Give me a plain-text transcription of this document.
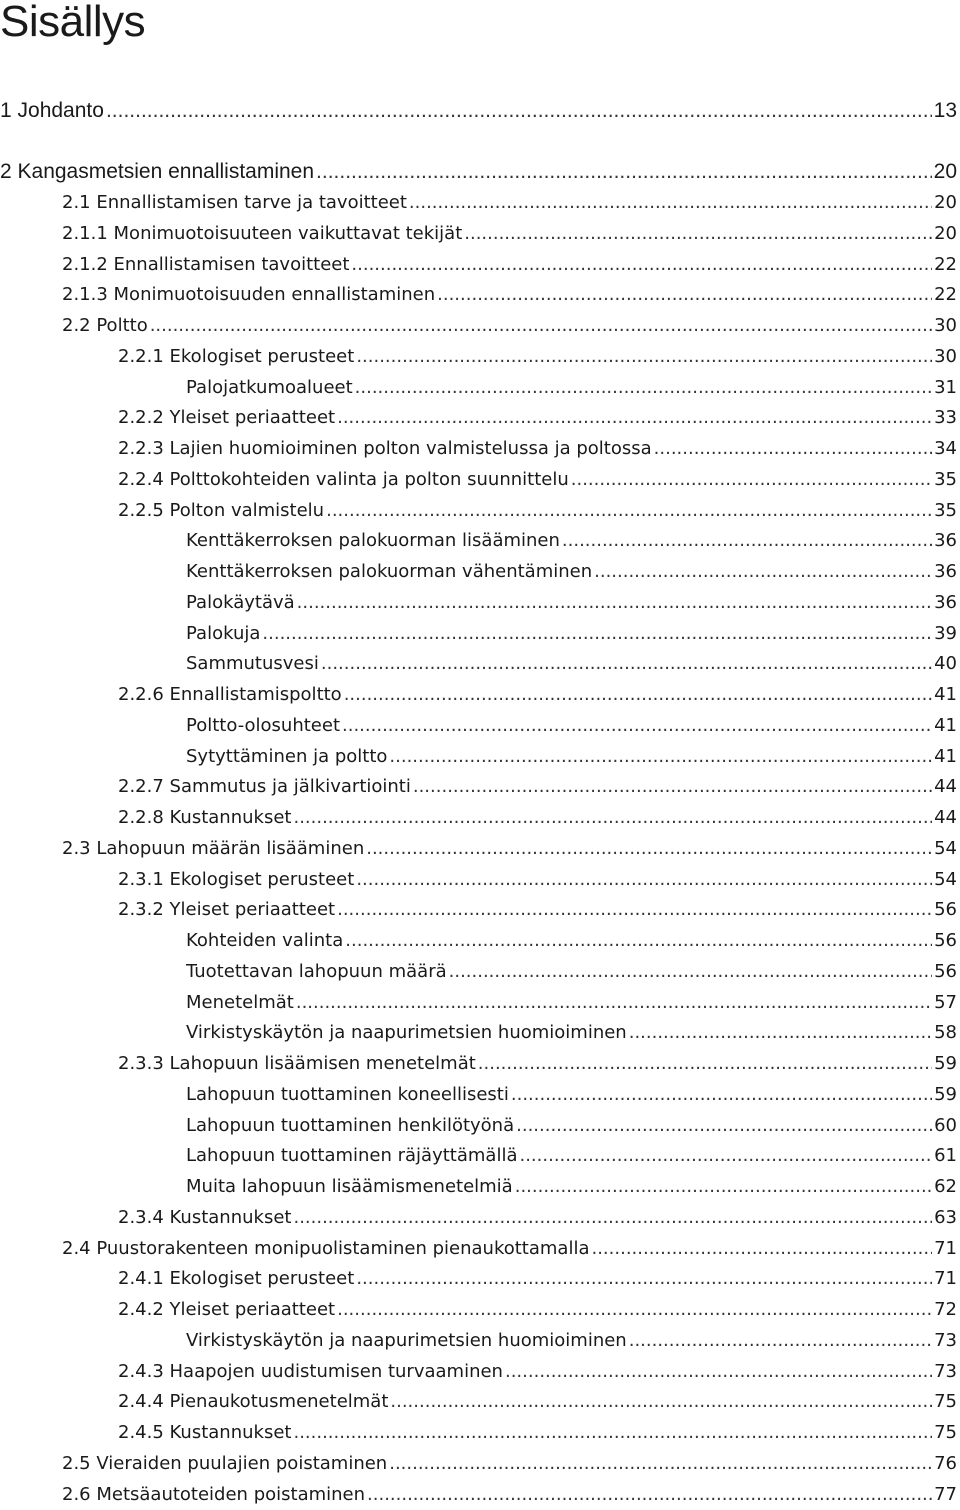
Sisällys
1 Johdanto .....	13
2 Kangasmetsien ennallistaminen .....	20
2.1 Ennallistamisen tarve ja tavoitteet .....	20
2.1.1 Monimuotoisuuteen vaikuttavat tekijät .....	20
2.1.2 Ennallistamisen tavoitteet .....	22
2.1.3 Monimuotoisuuden ennallistaminen .....	22
2.2 Poltto .....	30
2.2.1 Ekologiset perusteet .....	30
Palojatkumoalueet .....	31
2.2.2 Yleiset periaatteet .....	33
2.2.3 Lajien huomioiminen polton valmistelussa ja poltossa .....	34
2.2.4 Polttokohteiden valinta ja polton suunnittelu .....	35
2.2.5 Polton valmistelu .....	35
Kenttäkerroksen palokuorman lisääminen .....	36
Kenttäkerroksen palokuorman vähentäminen .....	36
Palokäytävä .....	36
Palokuja .....	39
Sammutusvesi .....	40
2.2.6 Ennallistamispoltto .....	41
Poltto-olosuhteet .....	41
Sytyttäminen ja poltto .....	41
2.2.7 Sammutus ja jälkivartiointi .....	44
2.2.8 Kustannukset .....	44
2.3 Lahopuun määrän lisääminen .....	54
2.3.1 Ekologiset perusteet .....	54
2.3.2 Yleiset periaatteet .....	56
Kohteiden valinta .....	56
Tuotettavan lahopuun määrä .....	56
Menetelmät .....	57
Virkistyskäytön ja naapurimetsien huomioiminen .....	58
2.3.3 Lahopuun lisäämisen menetelmät .....	59
Lahopuun tuottaminen koneellisesti .....	59
Lahopuun tuottaminen henkilötyönä .....	60
Lahopuun tuottaminen räjäyttämällä .....	61
Muita lahopuun lisäämismenetelmiä .....	62
2.3.4 Kustannukset .....	63
2.4 Puustorakenteen monipuolistaminen pienaukottamalla .....	71
2.4.1 Ekologiset perusteet .....	71
2.4.2 Yleiset periaatteet .....	72
Virkistyskäytön ja naapurimetsien huomioiminen .....	73
2.4.3 Haapojen uudistumisen turvaaminen .....	73
2.4.4 Pienaukotusmenetelmät .....	75
2.4.5 Kustannukset .....	75
2.5 Vieraiden puulajien poistaminen .....	76
2.6 Metsäautoteiden poistaminen .....	77
